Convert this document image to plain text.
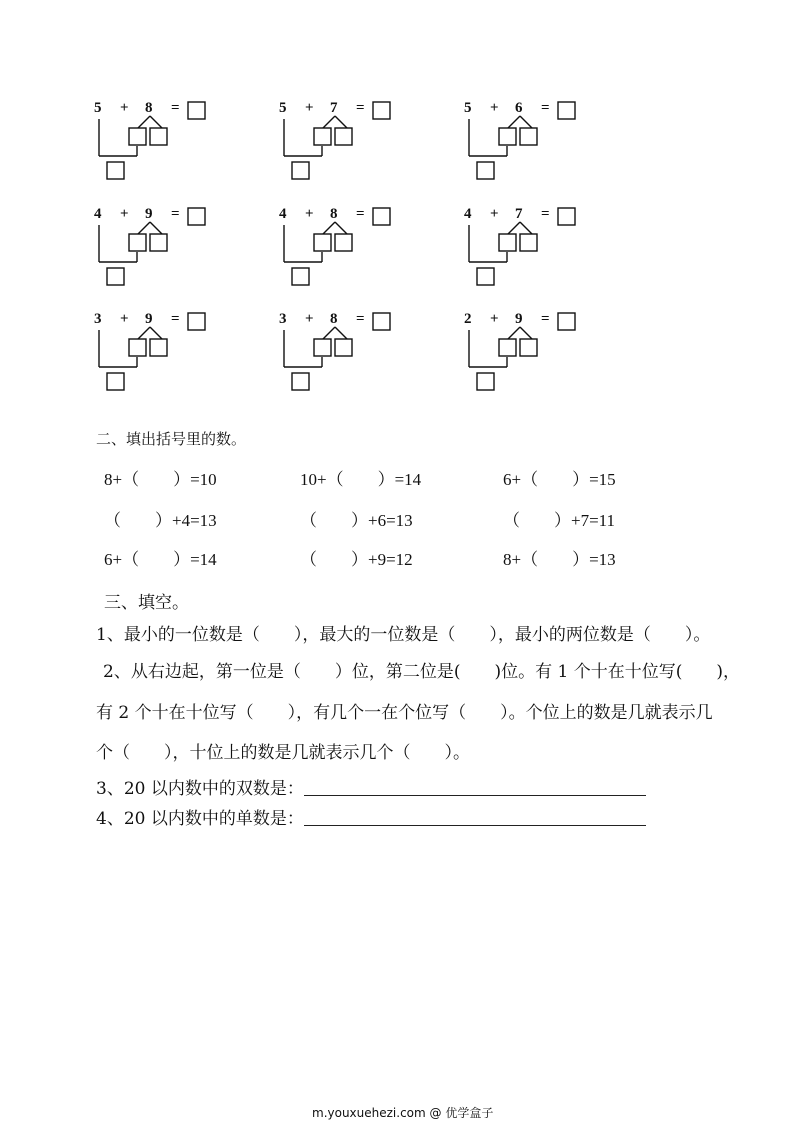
5 + 8 =	5 + 7 =	5 + 6 =
4 + 9 =	4 + 8 =	4 + 7 =
3 + 9 =	3 + 8 =	2 + 9 =
二、填出括号里的数。
8+（　　）=10	10+（　　）=14	6+（　　）=15
（　　）+4=13	（　　）+6=13	（　　）+7=11
6+（　　）=14	（　　）+9=12	8+（　　）=13
三、填空。
1、最小的一位数是（　　），最大的一位数是（　　），最小的两位数是（　　）。
2、从右边起，第一位是（　　）位，第二位是(　　)位。有 1 个十在十位写(　　)，
有 2 个十在十位写（　　），有几个一在个位写（　　）。个位上的数是几就表示几
个（　　），十位上的数是几就表示几个（　　）。
3、20 以内数中的双数是：
4、20 以内数中的单数是：
m.youxuehezi.com @ 优学盒子
